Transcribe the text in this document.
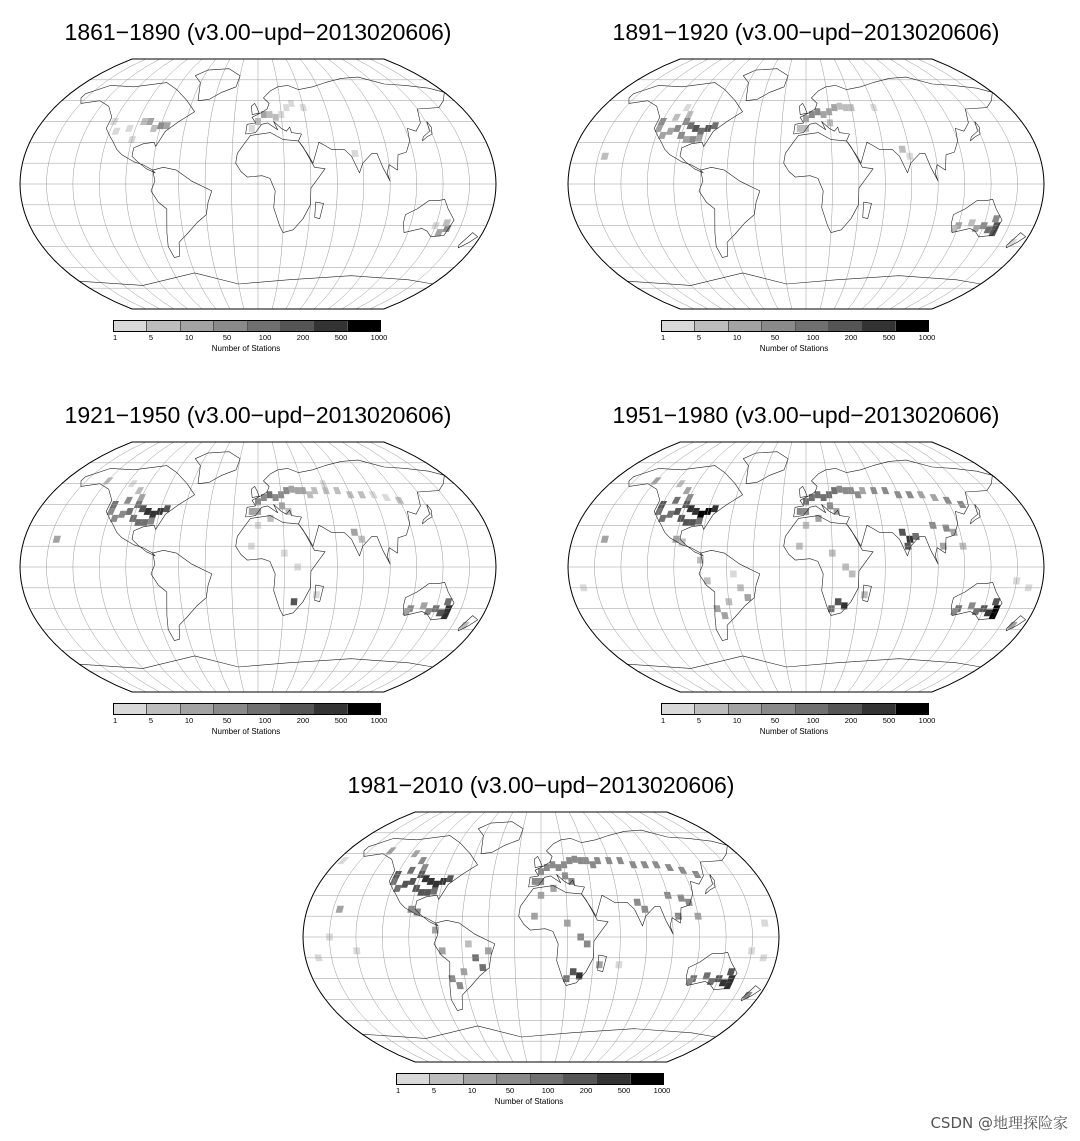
1861−1890 (v3.00−upd−2013020606)
1	5	10	50	100	200	500	1000
Number of Stations
1891−1920 (v3.00−upd−2013020606)
1	5	10	50	100	200	500	1000
Number of Stations
1921−1950 (v3.00−upd−2013020606)
1	5	10	50	100	200	500	1000
Number of Stations
1951−1980 (v3.00−upd−2013020606)
1	5	10	50	100	200	500	1000
Number of Stations
1981−2010 (v3.00−upd−2013020606)
1	5	10	50	100	200	500	1000
Number of Stations
CSDN @地理探险家
